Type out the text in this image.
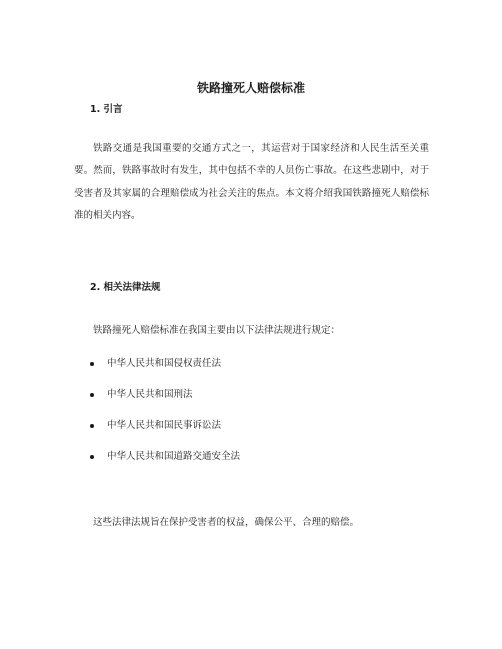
铁路撞死人赔偿标准
1. 引言

铁路交通是我国重要的交通方式之一，其运营对于国家经济和人民生活至关重要。然而，铁路事故时有发生，其中包括不幸的人员伤亡事故。在这些悲剧中，对于受害者及其家属的合理赔偿成为社会关注的焦点。本文将介绍我国铁路撞死人赔偿标准的相关内容。

2. 相关法律法规

铁路撞死人赔偿标准在我国主要由以下法律法规进行规定：

中华人民共和国侵权责任法
中华人民共和国刑法
中华人民共和国民事诉讼法
中华人民共和国道路交通安全法

这些法律法规旨在保护受害者的权益，确保公平、合理的赔偿。
